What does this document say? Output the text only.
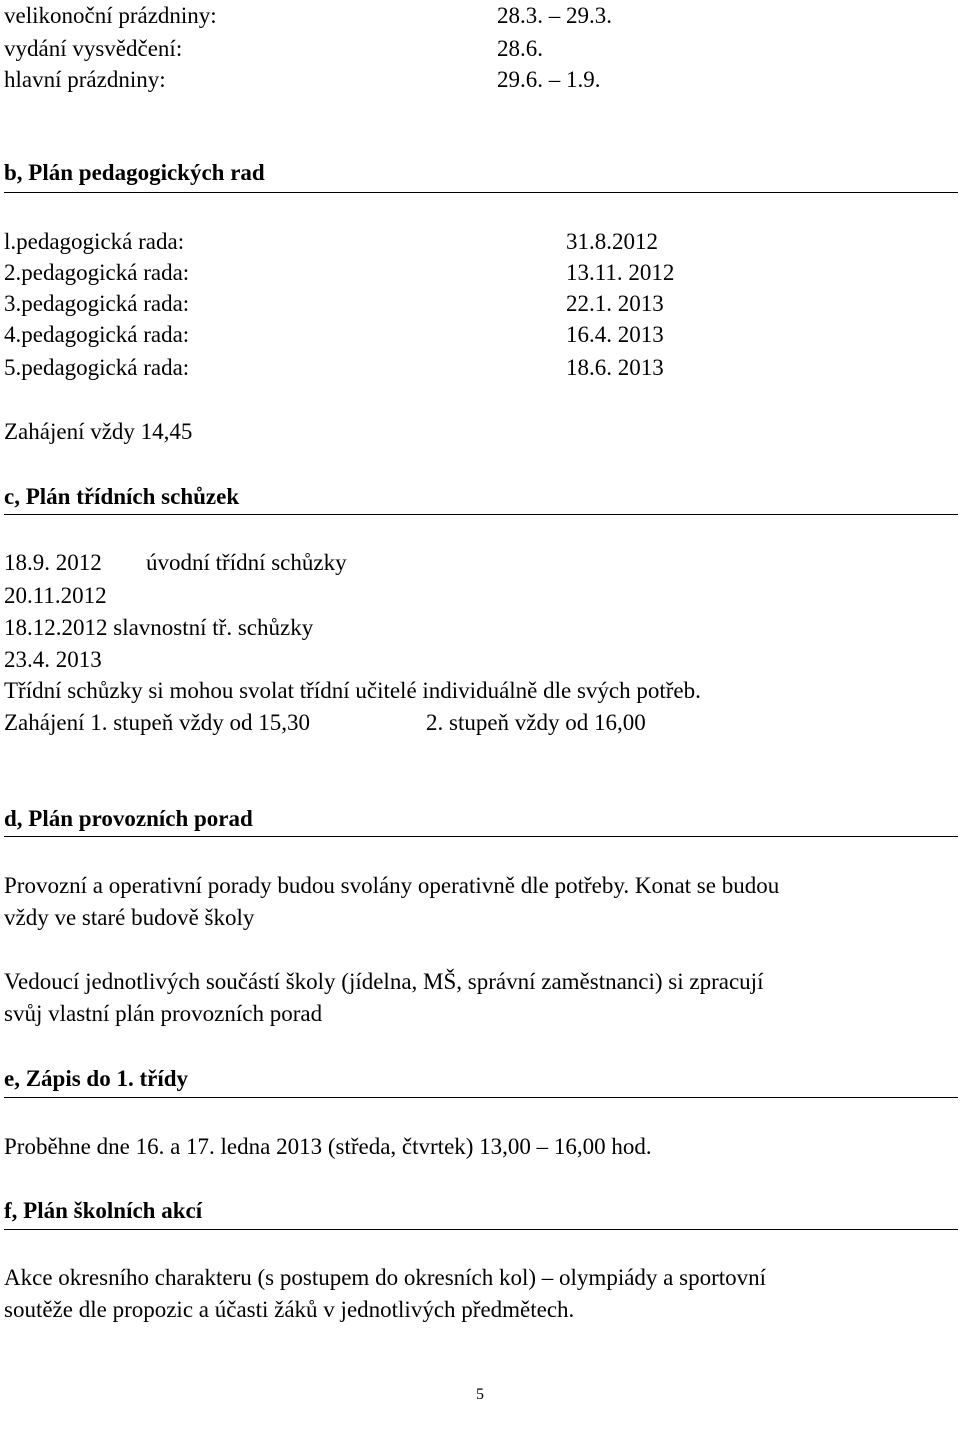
velikonoční prázdniny:	28.3. – 29.3.
vydání vysvědčení:	28.6.
hlavní prázdniny:	29.6. – 1.9.
b, Plán pedagogických rad
l.pedagogická rada:	31.8.2012
2.pedagogická rada:	13.11. 2012
3.pedagogická rada:	22.1. 2013
4.pedagogická rada:	16.4. 2013
5.pedagogická rada:	18.6. 2013
Zahájení vždy 14,45
c, Plán třídních schůzek
18.9. 2012 úvodní třídní schůzky
20.11.2012
18.12.2012 slavnostní tř. schůzky
23.4. 2013
Třídní schůzky si mohou svolat třídní učitelé individuálně dle svých potřeb.
Zahájení 1. stupeň vždy od 15,30	2. stupeň vždy od 16,00
d, Plán provozních porad
Provozní a operativní porady budou svolány operativně dle potřeby. Konat se budou
vždy ve staré budově školy
Vedoucí jednotlivých součástí školy (jídelna, MŠ, správní zaměstnanci) si zpracují
svůj vlastní plán provozních porad
e, Zápis do 1. třídy
Proběhne dne 16. a 17. ledna 2013 (středa, čtvrtek) 13,00 – 16,00 hod.
f, Plán školních akcí
Akce okresního charakteru (s postupem do okresních kol) – olympiády a sportovní
soutěže dle propozic a účasti žáků v jednotlivých předmětech.
5
